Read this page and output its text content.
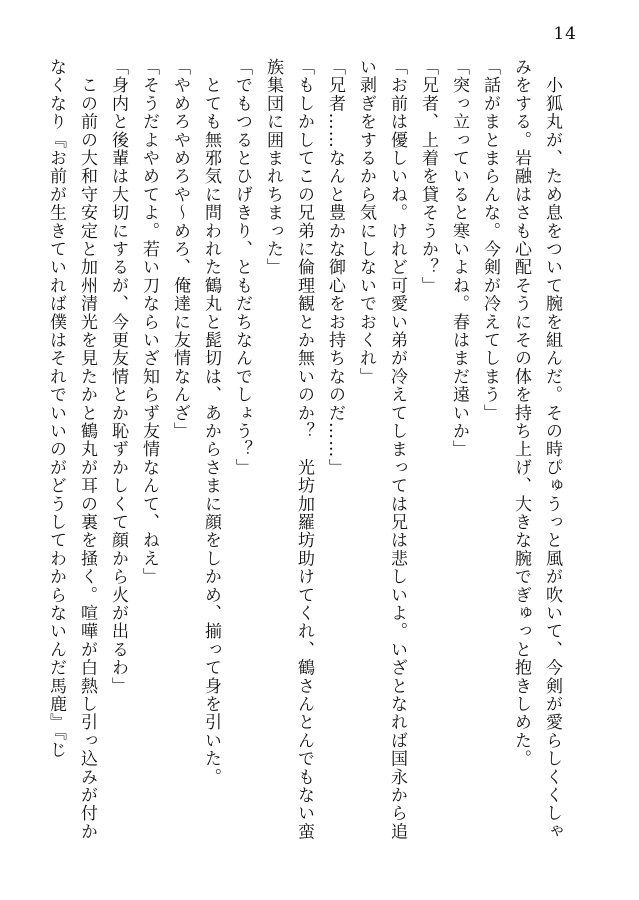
14

　小狐丸が、ため息をついて腕を組んだ。その時ぴゅうっと風が吹いて、今剣が愛らしくくしゃみをする。岩融はさも心配そうにその体を持ち上げ、大きな腕でぎゅっと抱きしめた。

「話がまとまらんな。今剣が冷えてしまう」

「突っ立っていると寒いよね。春はまだ遠いか」

「兄者、上着を貸そうか？」

「お前は優しいね。けれど可愛い弟が冷えてしまっては兄は悲しいよ。いざとなれば国永から追い剥ぎをするから気にしないでおくれ」

「兄者……なんと豊かな御心をお持ちなのだ……」

「もしかしてこの兄弟に倫理観とか無いのか？　光坊加羅坊助けてくれ、鶴さんとんでもない蛮族集団に囲まれちまった」

「でもつるとひげきり、ともだちなんでしょう？」

　とても無邪気に問われた鶴丸と髭切は、あからさまに顔をしかめ、揃って身を引いた。

「やめろやめろや〜めろ、俺達に友情なんざ」

「そうだよやめてよ。若い刀ならいざ知らず友情なんて、ねえ」

「身内と後輩は大切にするが、今更友情とか恥ずかしくて顔から火が出るわ」

　この前の大和守安定と加州清光を見たかと鶴丸が耳の裏を掻く。喧嘩が白熱し引っ込みが付かなくなり『お前が生きていれば僕はそれでいいのがどうしてわからないんだ馬鹿』『じ
